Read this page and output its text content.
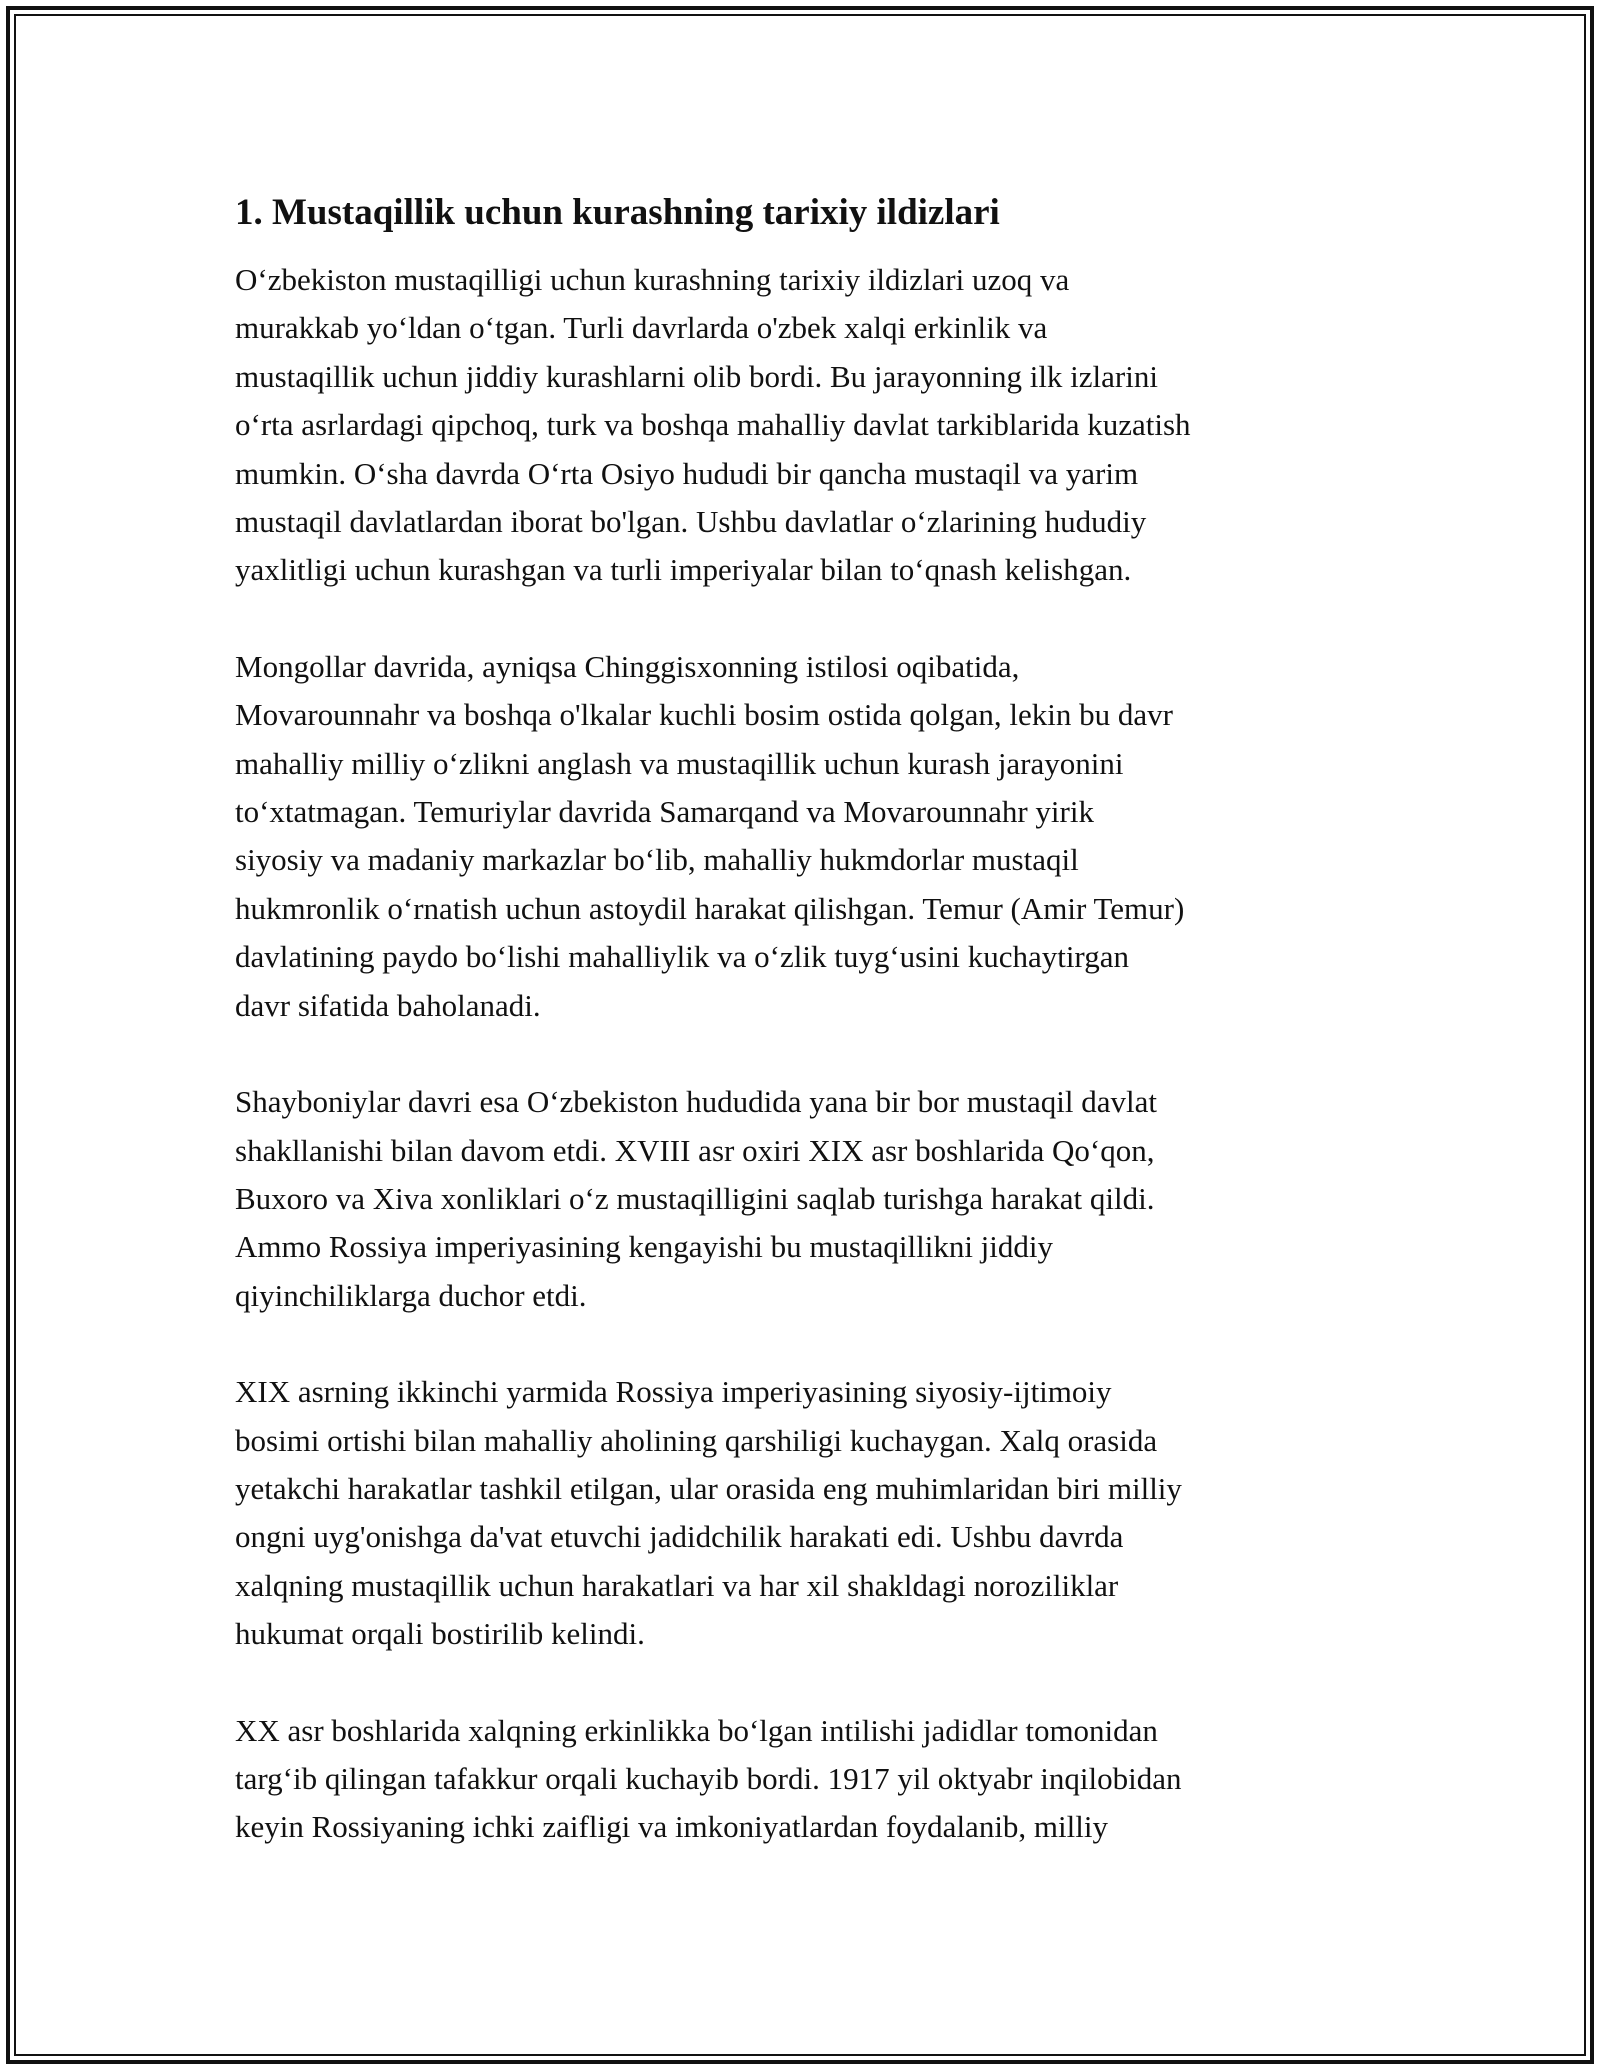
1. Mustaqillik uchun kurashning tarixiy ildizlari
O‘zbekiston mustaqilligi uchun kurashning tarixiy ildizlari uzoq va
murakkab yo‘ldan o‘tgan. Turli davrlarda o'zbek xalqi erkinlik va
mustaqillik uchun jiddiy kurashlarni olib bordi. Bu jarayonning ilk izlarini
o‘rta asrlardagi qipchoq, turk va boshqa mahalliy davlat tarkiblarida kuzatish
mumkin. O‘sha davrda O‘rta Osiyo hududi bir qancha mustaqil va yarim
mustaqil davlatlardan iborat bo'lgan. Ushbu davlatlar o‘zlarining hududiy
yaxlitligi uchun kurashgan va turli imperiyalar bilan to‘qnash kelishgan.
Mongollar davrida, ayniqsa Chinggisxonning istilosi oqibatida,
Movarounnahr va boshqa o'lkalar kuchli bosim ostida qolgan, lekin bu davr
mahalliy milliy o‘zlikni anglash va mustaqillik uchun kurash jarayonini
to‘xtatmagan. Temuriylar davrida Samarqand va Movarounnahr yirik
siyosiy va madaniy markazlar bo‘lib, mahalliy hukmdorlar mustaqil
hukmronlik o‘rnatish uchun astoydil harakat qilishgan. Temur (Amir Temur)
davlatining paydo bo‘lishi mahalliylik va o‘zlik tuyg‘usini kuchaytirgan
davr sifatida baholanadi.
Shayboniylar davri esa O‘zbekiston hududida yana bir bor mustaqil davlat
shakllanishi bilan davom etdi. XVIII asr oxiri XIX asr boshlarida Qo‘qon,
Buxoro va Xiva xonliklari o‘z mustaqilligini saqlab turishga harakat qildi.
Ammo Rossiya imperiyasining kengayishi bu mustaqillikni jiddiy
qiyinchiliklarga duchor etdi.
XIX asrning ikkinchi yarmida Rossiya imperiyasining siyosiy-ijtimoiy
bosimi ortishi bilan mahalliy aholining qarshiligi kuchaygan. Xalq orasida
yetakchi harakatlar tashkil etilgan, ular orasida eng muhimlaridan biri milliy
ongni uyg'onishga da'vat etuvchi jadidchilik harakati edi. Ushbu davrda
xalqning mustaqillik uchun harakatlari va har xil shakldagi noroziliklar
hukumat orqali bostirilib kelindi.
XX asr boshlarida xalqning erkinlikka bo‘lgan intilishi jadidlar tomonidan
targ‘ib qilingan tafakkur orqali kuchayib bordi. 1917 yil oktyabr inqilobidan
keyin Rossiyaning ichki zaifligi va imkoniyatlardan foydalanib, milliy
